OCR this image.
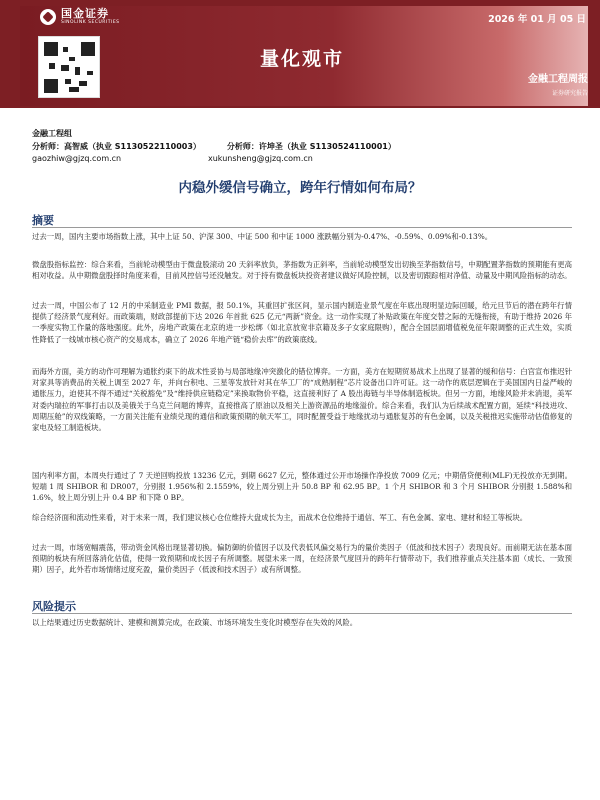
国金证券
SINOLINK SECURITIES	2026 年 01 月 05 日
量化观市
金融工程周报
证券研究报告
金融工程组
分析师：高智威（执业 S1130522110003）	分析师：许坤圣（执业 S1130524110001）
gaozhiw@gjzq.com.cn	xukunsheng@gjzq.com.cn
内稳外缓信号确立，跨年行情如何布局？
摘要

过去一周，国内主要市场指数上涨，其中上证 50、沪深 300、中证 500 和中证 1000 涨跌幅分别为-0.47%、-0.59%、0.09%和-0.13%。

微盘股指标监控：综合来看，当前轮动模型由于微盘股滚动 20 天斜率放负，茅指数为正斜率，当前轮动模型发出切换至茅指数信号，中期配置茅指数的预期能有更高相对收益。从中期微盘股择时角度来看，目前风控信号还没触发。对于持有微盘板块投资者建议做好风险控制，以及密切跟踪相对净值、动量及中期风险指标的动态。

过去一周，中国公布了 12 月的中采制造业 PMI 数据，报 50.1%，其重回扩张区间，显示国内制造业景气度在年底出现明显边际回暖，给元旦节后的潜在跨年行情提供了经济景气度利好。而政策端，财政部提前下达 2026 年首批 625 亿元“两新”资金。这一动作实现了补贴政策在年度交替之际的无缝衔接，有助于维持 2026 年一季度实物工作量的落地强度。此外，房地产政策在北京的进一步松绑（如北京放宽非京籍及多子女家庭限购），配合全国层面增值税免征年限调整的正式生效，实质性降低了一线城市核心资产的交易成本，确立了 2026 年地产链“稳价去库”的政策底线。

而海外方面，美方的动作可理解为通胀约束下的战术性妥协与局部地缘冲突激化的错位博弈。一方面，美方在短期贸易战术上出现了显著的缓和信号：白宫宣布推迟针对家具等消费品的关税上调至 2027 年，并向台积电、三星等发放针对其在华工厂的“成熟制程”芯片设备出口许可证。这一动作的底层逻辑在于美国国内日益严峻的通胀压力，迫使其不得不通过“关税豁免”及“维持供应链稳定”来换取物价平稳，这直接利好了 A 股出海链与半导体制造板块。但另一方面，地缘风险并未消退，美军对委内瑞拉的军事打击以及美俄关于乌克兰问题的博弈，直接推高了原油以及相关上游资源品的地缘溢价。综合来看，我们认为后续战术配置方面，延续“科技进攻、周期压舱”的双线策略，一方面关注能有业绩兑现的通信和政策预期的航天军工，同时配置受益于地缘扰动与通胀复苏的有色金属，以及关税推迟实施带动估值修复的家电及轻工制造板块。

国内利率方面，本周央行通过了 7 天逆回购投放 13236 亿元，到期 6627 亿元，整体通过公开市场操作净投放 7009 亿元；中期借贷便利(MLF)无投放亦无到期。短端 1 周 SHIBOR 和 DR007，分别报 1.956%和 2.1559%，较上周分别上升 50.8 BP 和 62.95 BP。1 个月 SHIBOR 和 3 个月 SHIBOR 分别报 1.588%和 1.6%，较上周分别上升 0.4 BP 和下降 0 BP。

综合经济面和流动性来看，对于未来一周，我们建议核心仓位维持大盘成长为主，而战术仓位维持于通信、军工、有色金属、家电、建材和轻工等板块。

过去一周，市场宽幅震荡，带动资金风格出现显著切换。偏防御的价值因子以及代表低风偏交易行为的量价类因子（低波和技术因子）表现良好。而前期无法在基本面预期的板块有所回落消化估值，使得一致预期和成长因子有所调整。展望未来一周，在经济景气度回升的跨年行情带动下，我们推荐重点关注基本面（成长、一致预期）因子，此外若市场情绪过度充盈，量价类因子（低波和技术因子）或有所调整。

风险提示

以上结果通过历史数据统计、建模和测算完成，在政策、市场环境发生变化时模型存在失效的风险。
